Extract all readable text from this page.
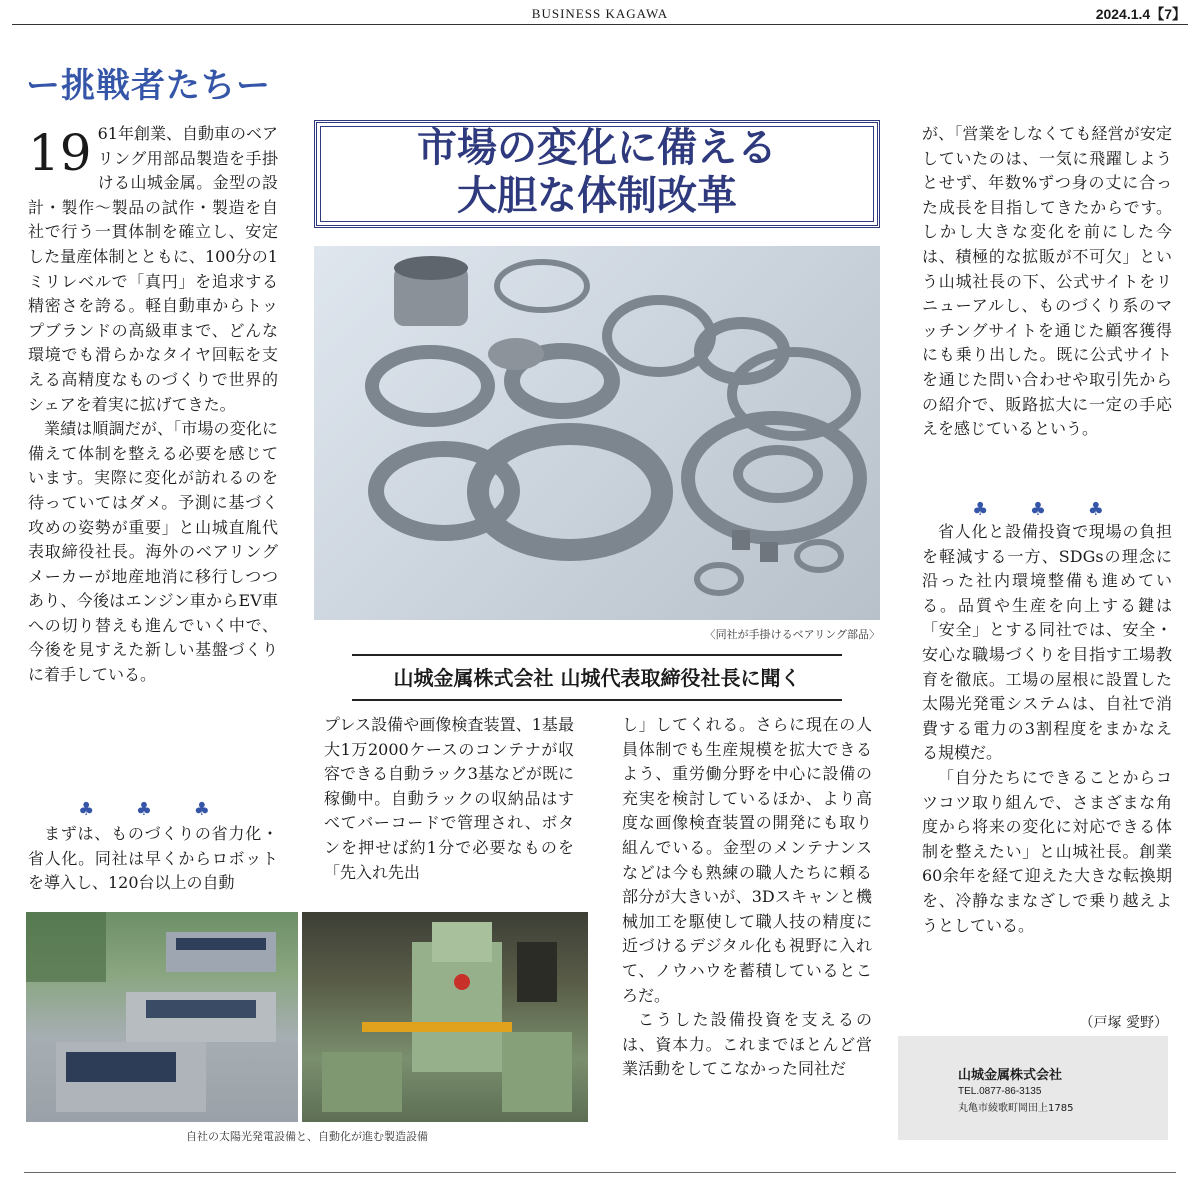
BUSINESS KAGAWA	2024.1.4【7】
ー挑戦者たちー
19 61年創業、自動車のベアリング用部品製造を手掛ける山城金属。金型の設計・製作〜製品の試作・製造を自社で行う一貫体制を確立し、安定した量産体制とともに、100分の1ミリレベルで「真円」を追求する精密さを誇る。軽自動車からトップブランドの高級車まで、どんな環境でも滑らかなタイヤ回転を支える高精度なものづくりで世界的シェアを着実に拡げてきた。

業績は順調だが、「市場の変化に備えて体制を整える必要を感じています。実際に変化が訪れるのを待っていてはダメ。予測に基づく攻めの姿勢が重要」と山城直胤代表取締役社長。海外のベアリングメーカーが地産地消に移行しつつあり、今後はエンジン車からEV車への切り替えも進んでいく中で、今後を見すえた新しい基盤づくりに着手している。

まずは、ものづくりの省力化・省人化。同社は早くからロボットを導入し、120台以上の自動

♣ ♣ ♣
市場の変化に備える
大胆な体制改革
〈同社が手掛けるベアリング部品〉
山城金属株式会社 山城代表取締役社長に聞く

プレス設備や画像検査装置、1基最大1万2000ケースのコンテナが収容できる自動ラック3基などが既に稼働中。自動ラックの収納品はすべてバーコードで管理され、ボタンを押せば約1分で必要なものを「先入れ先出

し」してくれる。さらに現在の人員体制でも生産規模を拡大できるよう、重労働分野を中心に設備の充実を検討しているほか、より高度な画像検査装置の開発にも取り組んでいる。金型のメンテナンスなどは今も熟練の職人たちに頼る部分が大きいが、3Dスキャンと機械加工を駆使して職人技の精度に近づけるデジタル化も視野に入れて、ノウハウを蓄積しているところだ。

こうした設備投資を支えるのは、資本力。これまでほとんど営業活動をしてこなかった同社だ

が、「営業をしなくても経営が安定していたのは、一気に飛躍しようとせず、年数%ずつ身の丈に合った成長を目指してきたからです。しかし大きな変化を前にした今は、積極的な拡販が不可欠」という山城社長の下、公式サイトをリニューアルし、ものづくり系のマッチングサイトを通じた顧客獲得にも乗り出した。既に公式サイトを通じた問い合わせや取引先からの紹介で、販路拡大に一定の手応えを感じているという。

♣ ♣ ♣

省人化と設備投資で現場の負担を軽減する一方、SDGsの理念に沿った社内環境整備も進めている。品質や生産を向上する鍵は「安全」とする同社では、安全・安心な職場づくりを目指す工場教育を徹底。工場の屋根に設置した太陽光発電システムは、自社で消費する電力の3割程度をまかなえる規模だ。

「自分たちにできることからコツコツ取り組んで、さまざまな角度から将来の変化に対応できる体制を整えたい」と山城社長。創業60余年を経て迎えた大きな転換期を、冷静なまなざしで乗り越えようとしている。

（戸塚 愛野）
自社の太陽光発電設備と、自動化が進む製造設備
山城金属株式会社
TEL.0877-86-3135
丸亀市綾歌町岡田上1785
